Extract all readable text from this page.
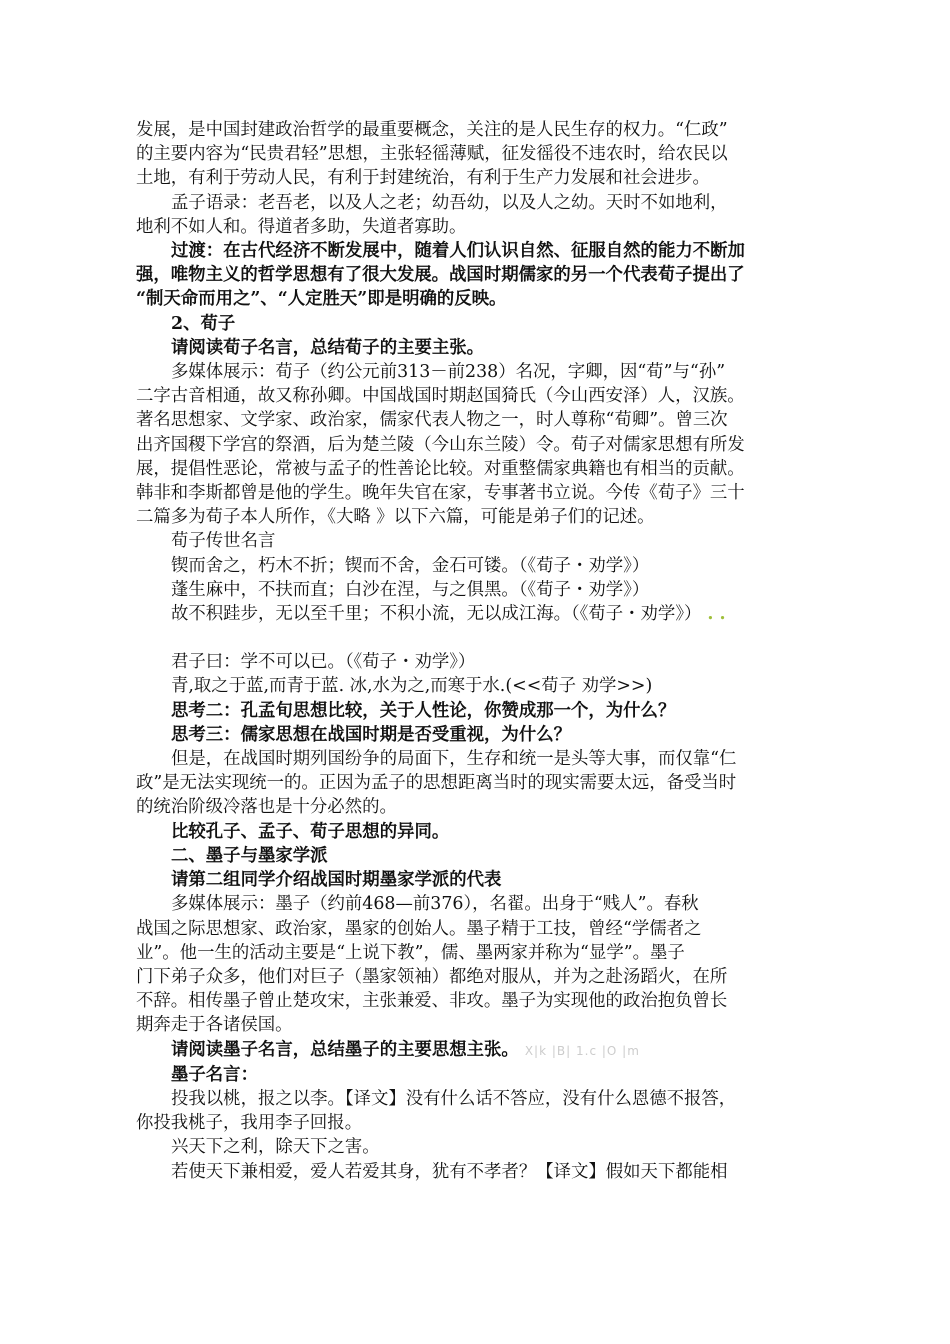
发展，是中国封建政治哲学的最重要概念，关注的是人民生存的权力。“仁政”

的主要内容为“民贵君轻”思想，主张轻徭薄赋，征发徭役不违农时，给农民以

土地，有利于劳动人民，有利于封建统治，有利于生产力发展和社会进步。

孟子语录：老吾老，以及人之老；幼吾幼，以及人之幼。天时不如地利，

地利不如人和。得道者多助，失道者寡助。

过渡：在古代经济不断发展中，随着人们认识自然、征服自然的能力不断加

强，唯物主义的哲学思想有了很大发展。战国时期儒家的另一个代表荀子提出了

“制天命而用之”、“人定胜天”即是明确的反映。

2、荀子

请阅读荀子名言，总结荀子的主要主张。

多媒体展示：荀子（约公元前313－前238）名况，字卿，因“荀”与“孙”

二字古音相通，故又称孙卿。中国战国时期赵国猗氏（今山西安泽）人，汉族。

著名思想家、文学家、政治家，儒家代表人物之一，时人尊称“荀卿”。曾三次

出齐国稷下学宫的祭酒，后为楚兰陵（今山东兰陵）令。荀子对儒家思想有所发

展，提倡性恶论，常被与孟子的性善论比较。对重整儒家典籍也有相当的贡献。

韩非和李斯都曾是他的学生。晚年失官在家，专事著书立说。今传《荀子》三十

二篇多为荀子本人所作，《大略 》以下六篇，可能是弟子们的记述。

荀子传世名言

锲而舍之，朽木不折；锲而不舍，金石可镂。（《荀子・劝学》）

蓬生麻中，不扶而直；白沙在涅，与之俱黑。（《荀子・劝学》）

故不积跬步，无以至千里；不积小流，无以成江海。（《荀子・劝学》） . .

君子曰：学不可以已。（《荀子・劝学》）

青,取之于蓝,而青于蓝. 冰,水为之,而寒于水.(<<荀子 劝学>>)

思考二：孔孟旬思想比较，关于人性论，你赞成那一个，为什么？

思考三：儒家思想在战国时期是否受重视，为什么？

但是，在战国时期列国纷争的局面下，生存和统一是头等大事，而仅靠“仁

政”是无法实现统一的。正因为孟子的思想距离当时的现实需要太远，备受当时

的统治阶级冷落也是十分必然的。

比较孔子、孟子、荀子思想的异同。

二、墨子与墨家学派

请第二组同学介绍战国时期墨家学派的代表

多媒体展示：墨子（约前468—前376），名翟。出身于“贱人”。春秋

战国之际思想家、政治家，墨家的创始人。墨子精于工技，曾经“学儒者之

业”。他一生的活动主要是“上说下教”，儒、墨两家并称为“显学”。墨子

门下弟子众多，他们对巨子（墨家领袖）都绝对服从，并为之赴汤蹈火，在所

不辞。相传墨子曾止楚攻宋，主张兼爱、非攻。墨子为实现他的政治抱负曾长

期奔走于各诸侯国。

请阅读墨子名言，总结墨子的主要思想主张。 X|k |B| 1.c |O |m

墨子名言：

投我以桃，报之以李。【译文】没有什么话不答应，没有什么恩德不报答，

你投我桃子，我用李子回报。

兴天下之利，除天下之害。

若使天下兼相爱，爱人若爱其身，犹有不孝者？【译文】假如天下都能相
